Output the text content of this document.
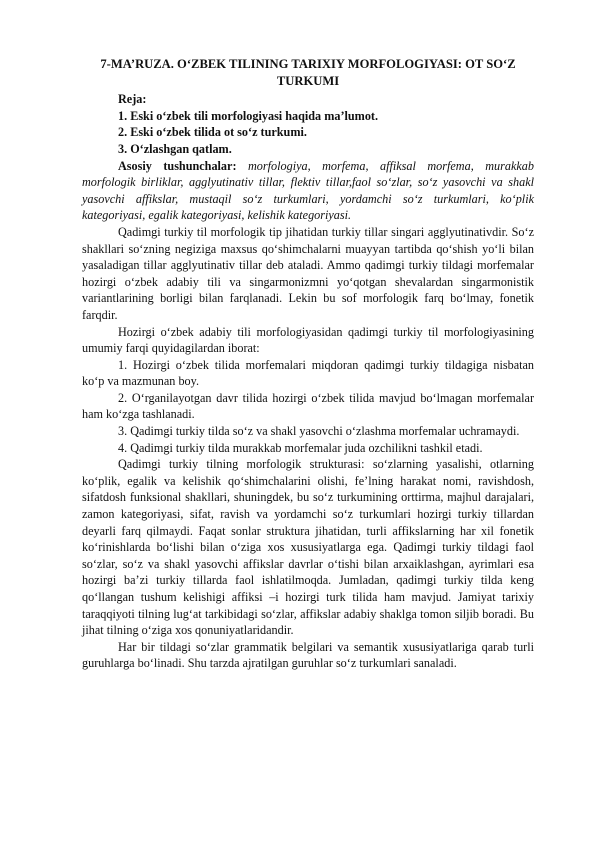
7-MA’RUZA. O‘ZBEK TILINING TARIXIY MORFOLOGIYASI: OT SO‘Z TURKUMI

Reja:

1. Eski o‘zbek tili morfologiyasi haqida ma’lumot.

2. Eski o‘zbek tilida ot so‘z turkumi.

3. O‘zlashgan qatlam.

Asosiy tushunchalar: morfologiya, morfema, affiksal morfema, murakkab morfologik birliklar, agglyutinativ tillar, flektiv tillar,faol so‘zlar, so‘z yasovchi va shakl yasovchi affikslar, mustaqil so‘z turkumlari, yordamchi so‘z turkumlari, ko‘plik kategoriyasi, egalik kategoriyasi, kelishik kategoriyasi.

Qadimgi turkiy til morfologik tip jihatidan turkiy tillar singari agglyutinativdir. So‘z shakllari so‘zning negiziga maxsus qo‘shimchalarni muayyan tartibda qo‘shish yo‘li bilan yasaladigan tillar agglyutinativ tillar deb ataladi. Ammo qadimgi turkiy tildagi morfemalar hozirgi o‘zbek adabiy tili va singarmonizmni yo‘qotgan shevalardan singarmonistik variantlarining borligi bilan farqlanadi. Lekin bu sof morfologik farq bo‘lmay, fonetik farqdir.

Hozirgi o‘zbek adabiy tili morfologiyasidan qadimgi turkiy til morfologiyasining umumiy farqi quyidagilardan iborat:

1. Hozirgi o‘zbek tilida morfemalari miqdoran qadimgi turkiy tildagiga nisbatan ko‘p va mazmunan boy.

2. O‘rganilayotgan davr tilida hozirgi o‘zbek tilida mavjud bo‘lmagan morfemalar ham ko‘zga tashlanadi.

3. Qadimgi turkiy tilda so‘z va shakl yasovchi o‘zlashma morfemalar uchramaydi.

4. Qadimgi turkiy tilda murakkab morfemalar juda ozchilikni tashkil etadi.

Qadimgi turkiy tilning morfologik strukturasi: so‘zlarning yasalishi, otlarning ko‘plik, egalik va kelishik qo‘shimchalarini olishi, fe’lning harakat nomi, ravishdosh, sifatdosh funksional shakllari, shuningdek, bu so‘z turkumining orttirma, majhul darajalari, zamon kategoriyasi, sifat, ravish va yordamchi so‘z turkumlari hozirgi turkiy tillardan deyarli farq qilmaydi. Faqat sonlar struktura jihatidan, turli affikslarning har xil fonetik ko‘rinishlarda bo‘lishi bilan o‘ziga xos xususiyatlarga ega. Qadimgi turkiy tildagi faol so‘zlar, so‘z va shakl yasovchi affikslar davrlar o‘tishi bilan arxaiklashgan, ayrimlari esa hozirgi ba’zi turkiy tillarda faol ishlatilmoqda. Jumladan, qadimgi turkiy tilda keng qo‘llangan tushum kelishigi affiksi –i hozirgi turk tilida ham mavjud. Jamiyat tarixiy taraqqiyoti tilning lug‘at tarkibidagi so‘zlar, affikslar adabiy shaklga tomon siljib boradi. Bu jihat tilning o‘ziga xos qonuniyatlaridandir.

Har bir tildagi so‘zlar grammatik belgilari va semantik xususiyatlariga qarab turli guruhlarga bo‘linadi. Shu tarzda ajratilgan guruhlar so‘z turkumlari sanaladi.
